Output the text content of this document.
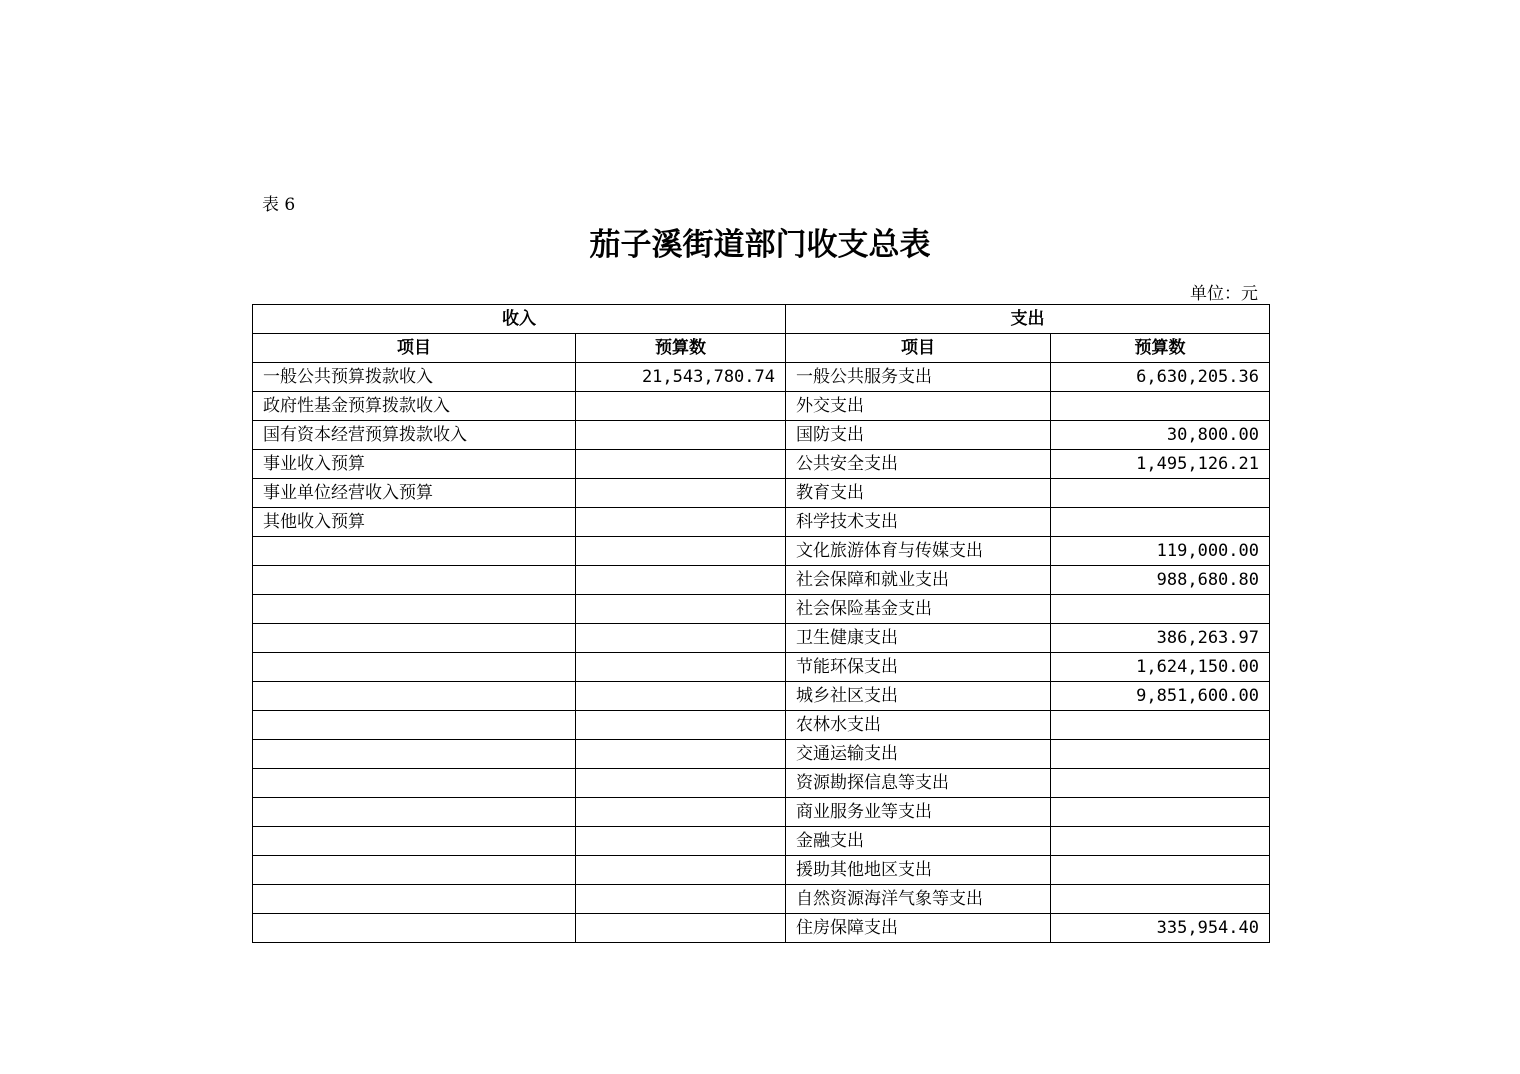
表 6
茄子溪街道部门收支总表
单位：元
收入		支出	
项目	预算数	项目	预算数
一般公共预算拨款收入	21,543,780.74	一般公共服务支出	6,630,205.36
政府性基金预算拨款收入		外交支出	
国有资本经营预算拨款收入		国防支出	30,800.00
事业收入预算		公共安全支出	1,495,126.21
事业单位经营收入预算		教育支出	
其他收入预算		科学技术支出	
		文化旅游体育与传媒支出	119,000.00
		社会保障和就业支出	988,680.80
		社会保险基金支出	
		卫生健康支出	386,263.97
		节能环保支出	1,624,150.00
		城乡社区支出	9,851,600.00
		农林水支出	
		交通运输支出	
		资源勘探信息等支出	
		商业服务业等支出	
		金融支出	
		援助其他地区支出	
		自然资源海洋气象等支出	
		住房保障支出	335,954.40
